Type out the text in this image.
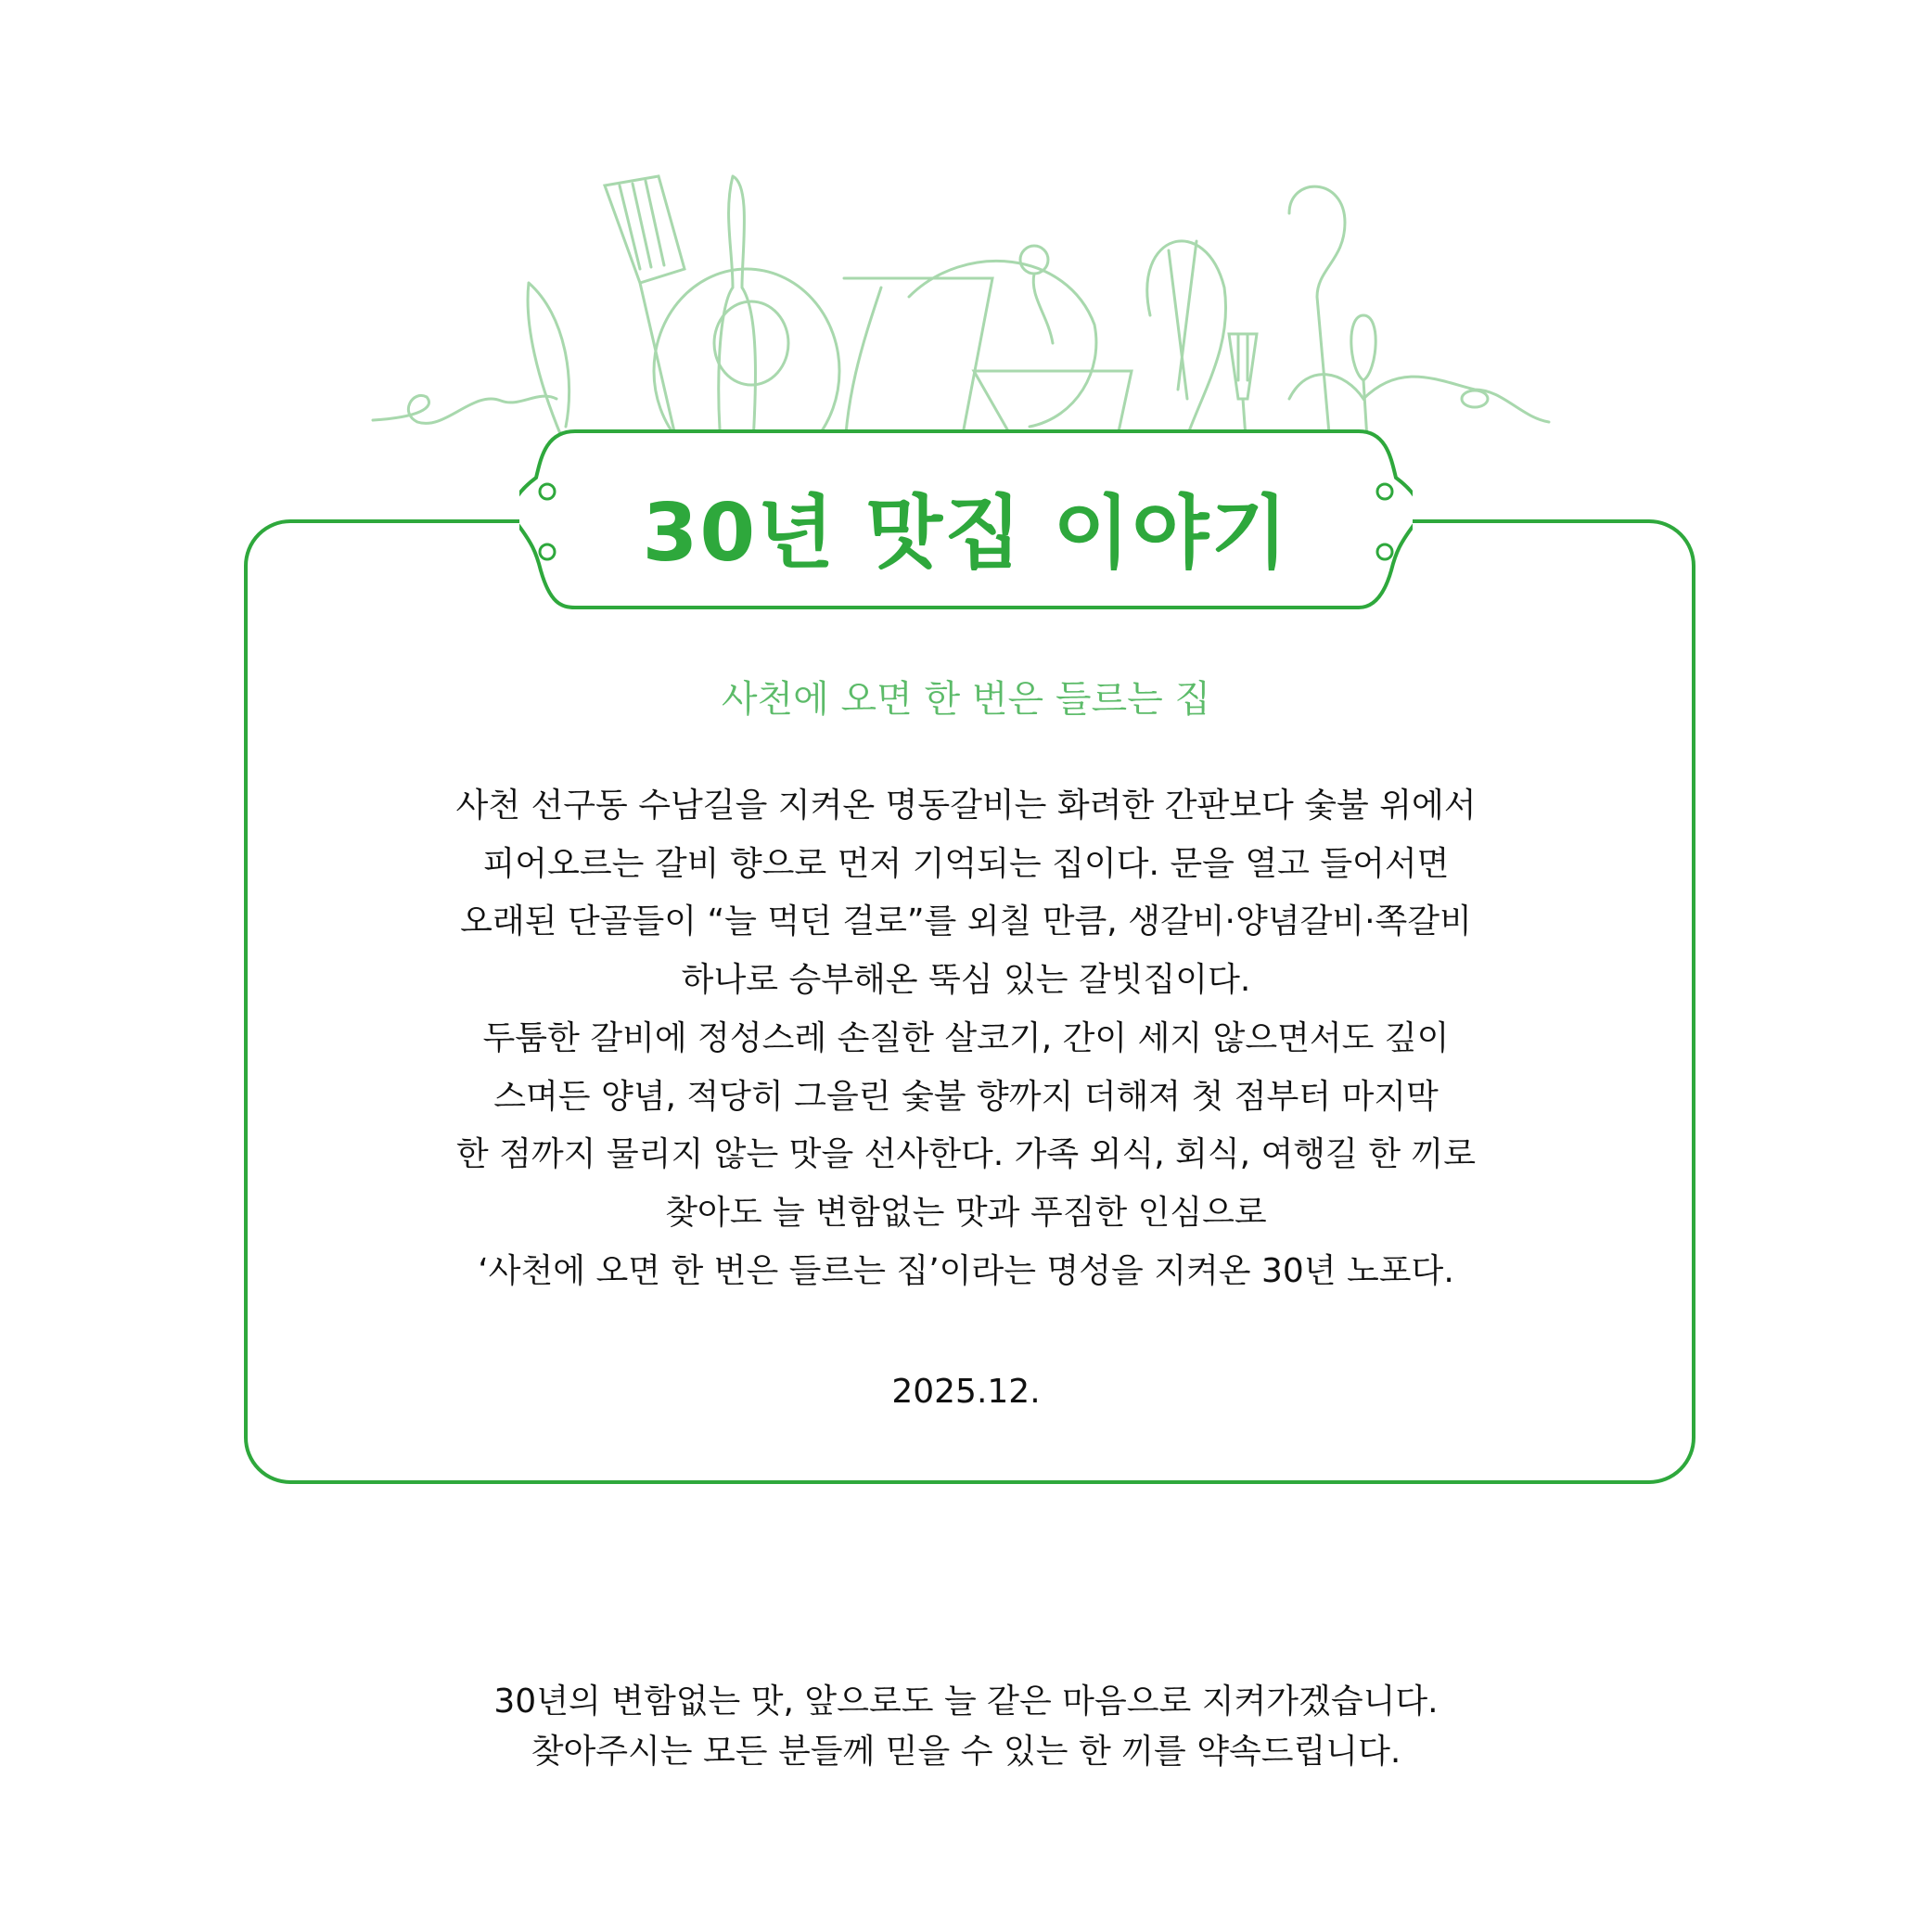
30년 맛집 이야기
사천에 오면 한 번은 들르는 집
사천 선구동 수남길을 지켜온 명동갈비는 화려한 간판보다 숯불 위에서
피어오르는 갈비 향으로 먼저 기억되는 집이다. 문을 열고 들어서면
오래된 단골들이 “늘 먹던 걸로”를 외칠 만큼, 생갈비·양념갈비·쪽갈비
하나로 승부해온 뚝심 있는 갈빗집이다.
두툼한 갈비에 정성스레 손질한 살코기, 간이 세지 않으면서도 깊이
스며든 양념, 적당히 그을린 숯불 향까지 더해져 첫 점부터 마지막
한 점까지 물리지 않는 맛을 선사한다. 가족 외식, 회식, 여행길 한 끼로
찾아도 늘 변함없는 맛과 푸짐한 인심으로
‘사천에 오면 한 번은 들르는 집’이라는 명성을 지켜온 30년 노포다.
2025.12.
30년의 변함없는 맛, 앞으로도 늘 같은 마음으로 지켜가겠습니다.
찾아주시는 모든 분들께 믿을 수 있는 한 끼를 약속드립니다.
